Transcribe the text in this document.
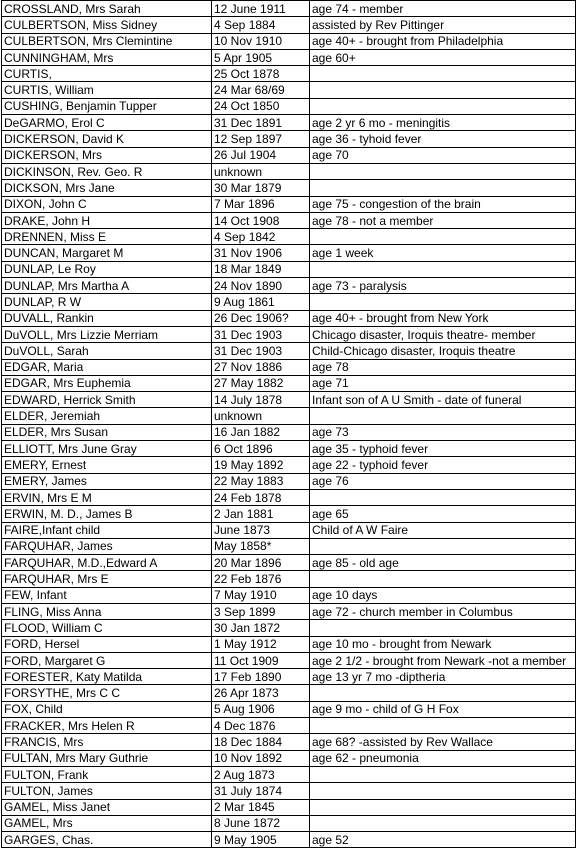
CROSSLAND, Mrs Sarah	12 June 1911	age 74 - member
CULBERTSON, Miss Sidney	4 Sep 1884	assisted by Rev Pittinger
CULBERTSON, Mrs Clemintine	10 Nov 1910	age 40+ - brought from Philadelphia
CUNNINGHAM, Mrs	5 Apr 1905	age 60+
CURTIS,	25 Oct 1878	
CURTIS, William	24 Mar 68/69	
CUSHING, Benjamin Tupper	24 Oct 1850	
DeGARMO, Erol C	31 Dec 1891	age 2 yr 6 mo - meningitis
DICKERSON, David K	12 Sep 1897	age 36 - tyhoid fever
DICKERSON, Mrs	26 Jul 1904	age 70
DICKINSON, Rev. Geo. R	unknown	
DICKSON, Mrs Jane	30 Mar 1879	
DIXON, John C	7 Mar 1896	age 75 - congestion of the brain
DRAKE, John H	14 Oct 1908	age 78 - not a member
DRENNEN, Miss E	4 Sep 1842	
DUNCAN, Margaret M	31 Nov 1906	age 1 week
DUNLAP, Le Roy	18 Mar 1849	
DUNLAP, Mrs Martha A	24 Nov 1890	age 73 - paralysis
DUNLAP, R W	9 Aug 1861	
DUVALL, Rankin	26 Dec 1906?	age 40+ - brought from New York
DuVOLL, Mrs Lizzie Merriam	31 Dec 1903	Chicago disaster, Iroquis theatre- member
DuVOLL, Sarah	31 Dec 1903	Child-Chicago disaster, Iroquis theatre
EDGAR, Maria	27 Nov 1886	age 78
EDGAR, Mrs Euphemia	27 May 1882	age 71
EDWARD, Herrick Smith	14 July 1878	Infant son of A U Smith - date of funeral
ELDER, Jeremiah	unknown	
ELDER, Mrs Susan	16 Jan 1882	age 73
ELLIOTT, Mrs June Gray	6 Oct 1896	age 35 - typhoid fever
EMERY, Ernest	19 May 1892	age 22 - typhoid fever
EMERY, James	22 May 1883	age 76
ERVIN, Mrs E M	24 Feb 1878	
ERWIN, M. D., James B	2 Jan 1881	age 65
FAIRE,Infant child	June 1873	Child of A W Faire
FARQUHAR, James	May 1858*	
FARQUHAR, M.D.,Edward A	20 Mar 1896	age 85 - old age
FARQUHAR, Mrs E	22 Feb 1876	
FEW, Infant	7 May 1910	age 10 days
FLING, Miss Anna	3 Sep 1899	age 72 - church member in Columbus
FLOOD, William C	30 Jan 1872	
FORD, Hersel	1 May 1912	age 10 mo - brought from Newark
FORD, Margaret G	11 Oct 1909	age 2 1/2 - brought from Newark -not a member
FORESTER, Katy Matilda	17 Feb 1890	age 13 yr 7 mo -diptheria
FORSYTHE, Mrs C C	26 Apr 1873	
FOX, Child	5 Aug 1906	age 9 mo - child of G H Fox
FRACKER, Mrs Helen R	4 Dec 1876	
FRANCIS, Mrs	18 Dec 1884	age 68? -assisted by Rev Wallace
FULTAN, Mrs Mary Guthrie	10 Nov 1892	age 62 - pneumonia
FULTON, Frank	2 Aug 1873	
FULTON, James	31 July 1874	
GAMEL, Miss Janet	2 Mar 1845	
GAMEL, Mrs	8 June 1872	
GARGES, Chas.	9 May 1905	age 52
